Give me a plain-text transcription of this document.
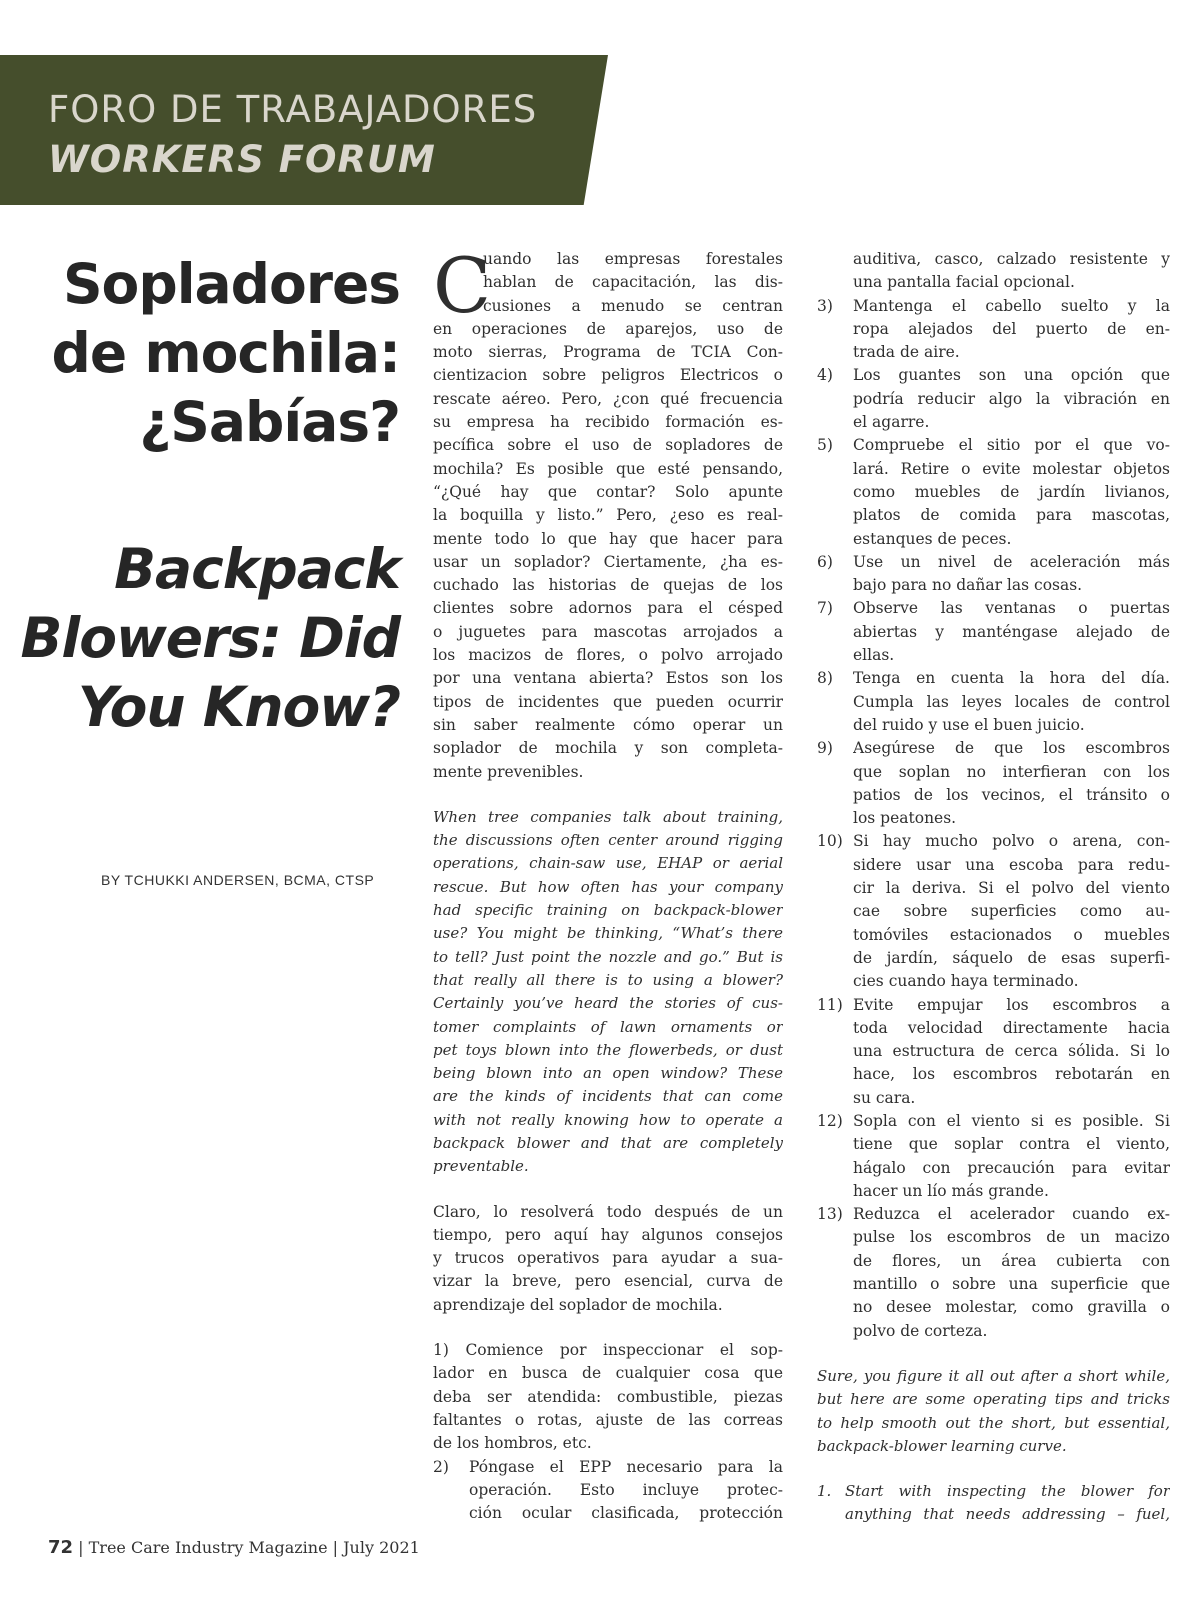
FORO DE TRABAJADORES
WORKERS FORUM
Sopladores
de mochila:
¿Sabías?
Backpack
Blowers: Did
You Know?
BY TCHUKKI ANDERSEN, BCMA, CTSP
C
uando las empresas forestales
hablan de capacitación, las dis-
cusiones a menudo se centran
en operaciones de aparejos, uso de
moto sierras, Programa de TCIA Con-
cientizacion sobre peligros Electricos o
rescate aéreo. Pero, ¿con qué frecuencia
su empresa ha recibido formación es-
pecífica sobre el uso de sopladores de
mochila? Es posible que esté pensando,
“¿Qué hay que contar? Solo apunte
la boquilla y listo.” Pero, ¿eso es real-
mente todo lo que hay que hacer para
usar un soplador? Ciertamente, ¿ha es-
cuchado las historias de quejas de los
clientes sobre adornos para el césped
o juguetes para mascotas arrojados a
los macizos de flores, o polvo arrojado
por una ventana abierta? Estos son los
tipos de incidentes que pueden ocurrir
sin saber realmente cómo operar un
soplador de mochila y son completa-
mente prevenibles.
When tree companies talk about training,
the discussions often center around rigging
operations, chain-saw use, EHAP or aerial
rescue. But how often has your company
had specific training on backpack-blower
use? You might be thinking, “What’s there
to tell? Just point the nozzle and go.” But is
that really all there is to using a blower?
Certainly you’ve heard the stories of cus-
tomer complaints of lawn ornaments or
pet toys blown into the flowerbeds, or dust
being blown into an open window? These
are the kinds of incidents that can come
with not really knowing how to operate a
backpack blower and that are completely
preventable.
Claro, lo resolverá todo después de un
tiempo, pero aquí hay algunos consejos
y trucos operativos para ayudar a sua-
vizar la breve, pero esencial, curva de
aprendizaje del soplador de mochila.
1) Comience por inspeccionar el sop-
lador en busca de cualquier cosa que
deba ser atendida: combustible, piezas
faltantes o rotas, ajuste de las correas
de los hombros, etc.
2) Póngase el EPP necesario para la
operación. Esto incluye protec-
ción ocular clasificada, protección
auditiva, casco, calzado resistente y
una pantalla facial opcional.
3) Mantenga el cabello suelto y la
ropa alejados del puerto de en-
trada de aire.
4) Los guantes son una opción que
podría reducir algo la vibración en
el agarre.
5) Compruebe el sitio por el que vo-
lará. Retire o evite molestar objetos
como muebles de jardín livianos,
platos de comida para mascotas,
estanques de peces.
6) Use un nivel de aceleración más
bajo para no dañar las cosas.
7) Observe las ventanas o puertas
abiertas y manténgase alejado de
ellas.
8) Tenga en cuenta la hora del día.
Cumpla las leyes locales de control
del ruido y use el buen juicio.
9) Asegúrese de que los escombros
que soplan no interfieran con los
patios de los vecinos, el tránsito o
los peatones.
10) Si hay mucho polvo o arena, con-
sidere usar una escoba para redu-
cir la deriva. Si el polvo del viento
cae sobre superficies como au-
tomóviles estacionados o muebles
de jardín, sáquelo de esas superfi-
cies cuando haya terminado.
11) Evite empujar los escombros a
toda velocidad directamente hacia
una estructura de cerca sólida. Si lo
hace, los escombros rebotarán en
su cara.
12) Sopla con el viento si es posible. Si
tiene que soplar contra el viento,
hágalo con precaución para evitar
hacer un lío más grande.
13) Reduzca el acelerador cuando ex-
pulse los escombros de un macizo
de flores, un área cubierta con
mantillo o sobre una superficie que
no desee molestar, como gravilla o
polvo de corteza.
Sure, you figure it all out after a short while,
but here are some operating tips and tricks
to help smooth out the short, but essential,
backpack-blower learning curve.
1. Start with inspecting the blower for
anything that needs addressing – fuel,
72 | Tree Care Industry Magazine | July 2021
